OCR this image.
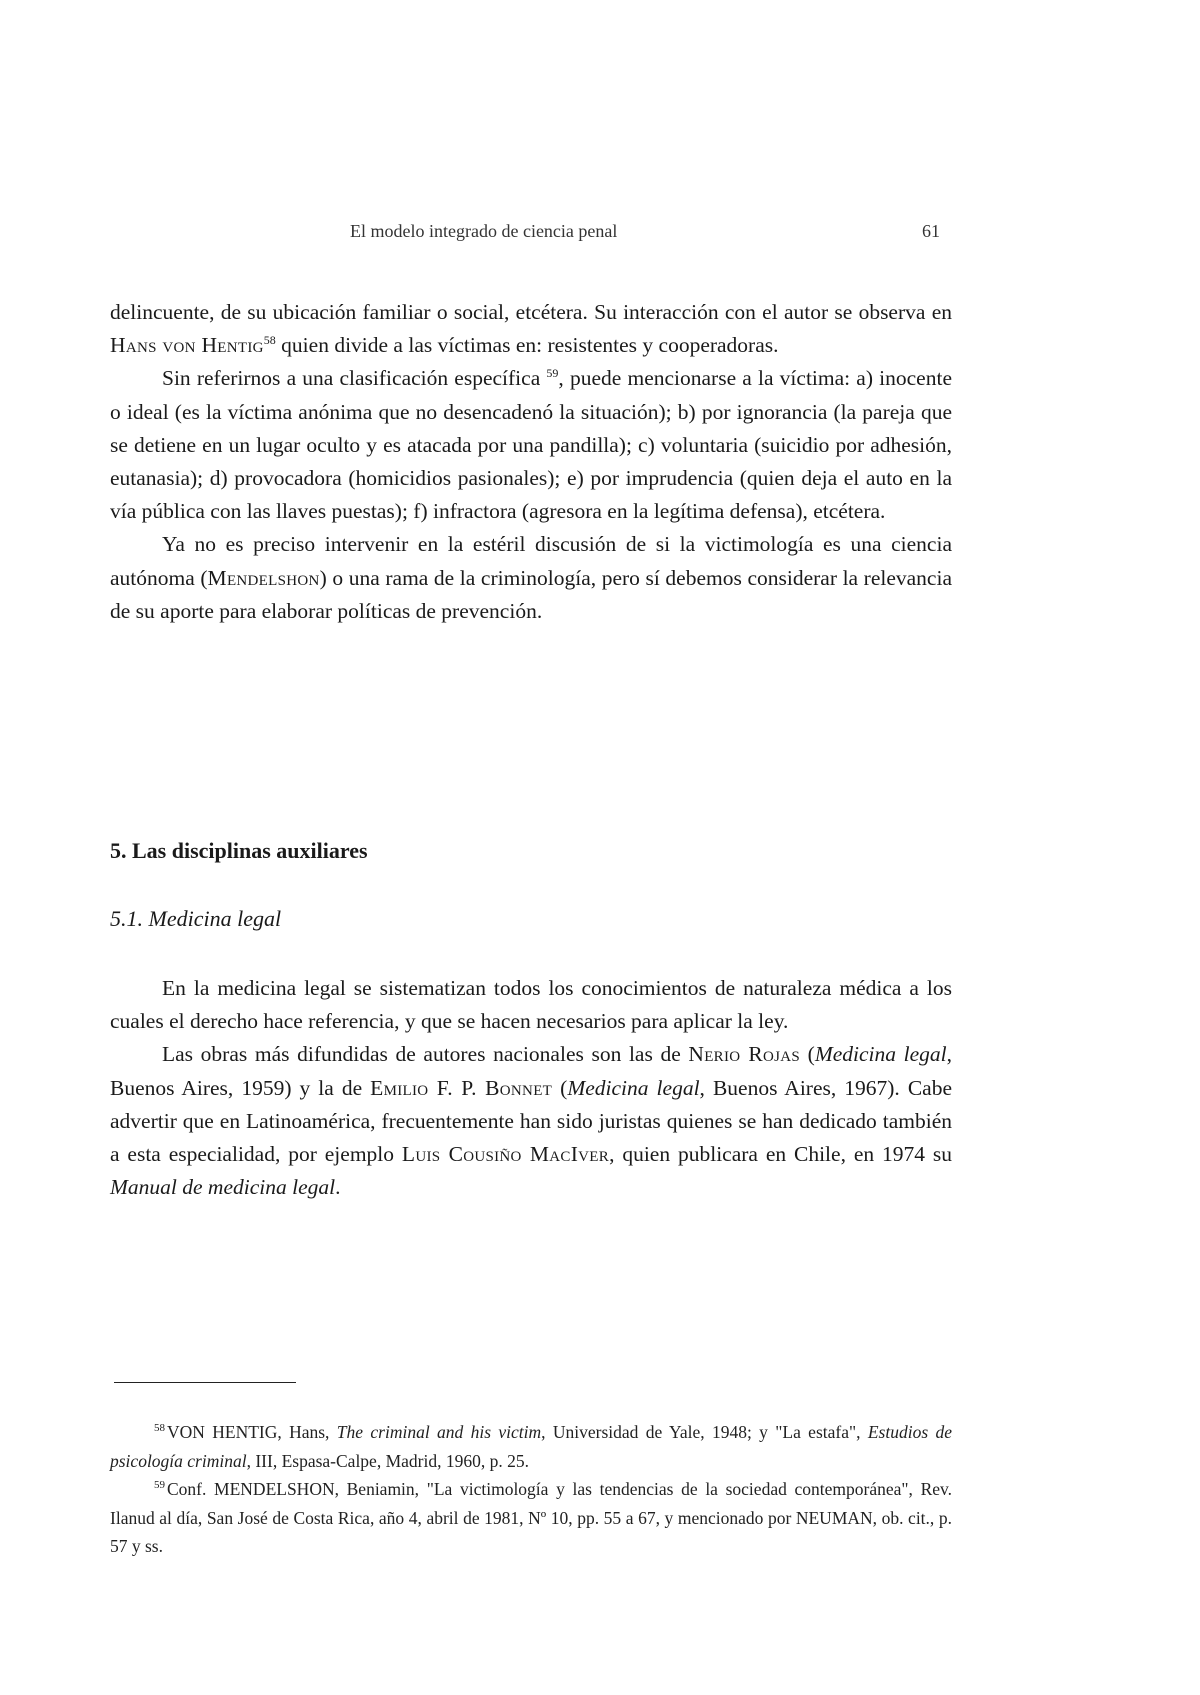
El modelo integrado de ciencia penal	61

delincuente, de su ubicación familiar o social, etcétera. Su interacción con el autor se observa en Hans von Hentig$^{58}$ quien divide a las víctimas en: resistentes y cooperadoras.

Sin referirnos a una clasificación específica $^{59}$, puede mencionarse a la víctima: a) inocente o ideal (es la víctima anónima que no desencadenó la situación); b) por ignorancia (la pareja que se detiene en un lugar oculto y es atacada por una pandilla); c) voluntaria (suicidio por adhesión, eutanasia); d) provocadora (homicidios pasionales); e) por imprudencia (quien deja el auto en la vía pública con las llaves puestas); f) infractora (agresora en la legítima defensa), etcétera.

Ya no es preciso intervenir en la estéril discusión de si la victimología es una ciencia autónoma (Mendelshon) o una rama de la criminología, pero sí debemos considerar la relevancia de su aporte para elaborar políticas de prevención.

5. Las disciplinas auxiliares
5.1. Medicina legal

En la medicina legal se sistematizan todos los conocimientos de naturaleza médica a los cuales el derecho hace referencia, y que se hacen necesarios para aplicar la ley.

Las obras más difundidas de autores nacionales son las de Nerio Rojas (Medicina legal, Buenos Aires, 1959) y la de Emilio F. P. Bonnet (Medicina legal, Buenos Aires, 1967). Cabe advertir que en Latinoamérica, frecuentemente han sido juristas quienes se han dedicado también a esta especialidad, por ejemplo Luis Cousiño MacIver, quien publicara en Chile, en 1974 su Manual de medicina legal.

$^{58}$ VON HENTIG, Hans, The criminal and his victim, Universidad de Yale, 1948; y "La estafa", Estudios de psicología criminal, III, Espasa-Calpe, Madrid, 1960, p. 25.

$^{59}$ Conf. MENDELSHON, Beniamin, "La victimología y las tendencias de la sociedad contemporánea", Rev. Ilanud al día, San José de Costa Rica, año 4, abril de 1981, Nº 10, pp. 55 a 67, y mencionado por NEUMAN, ob. cit., p. 57 y ss.
